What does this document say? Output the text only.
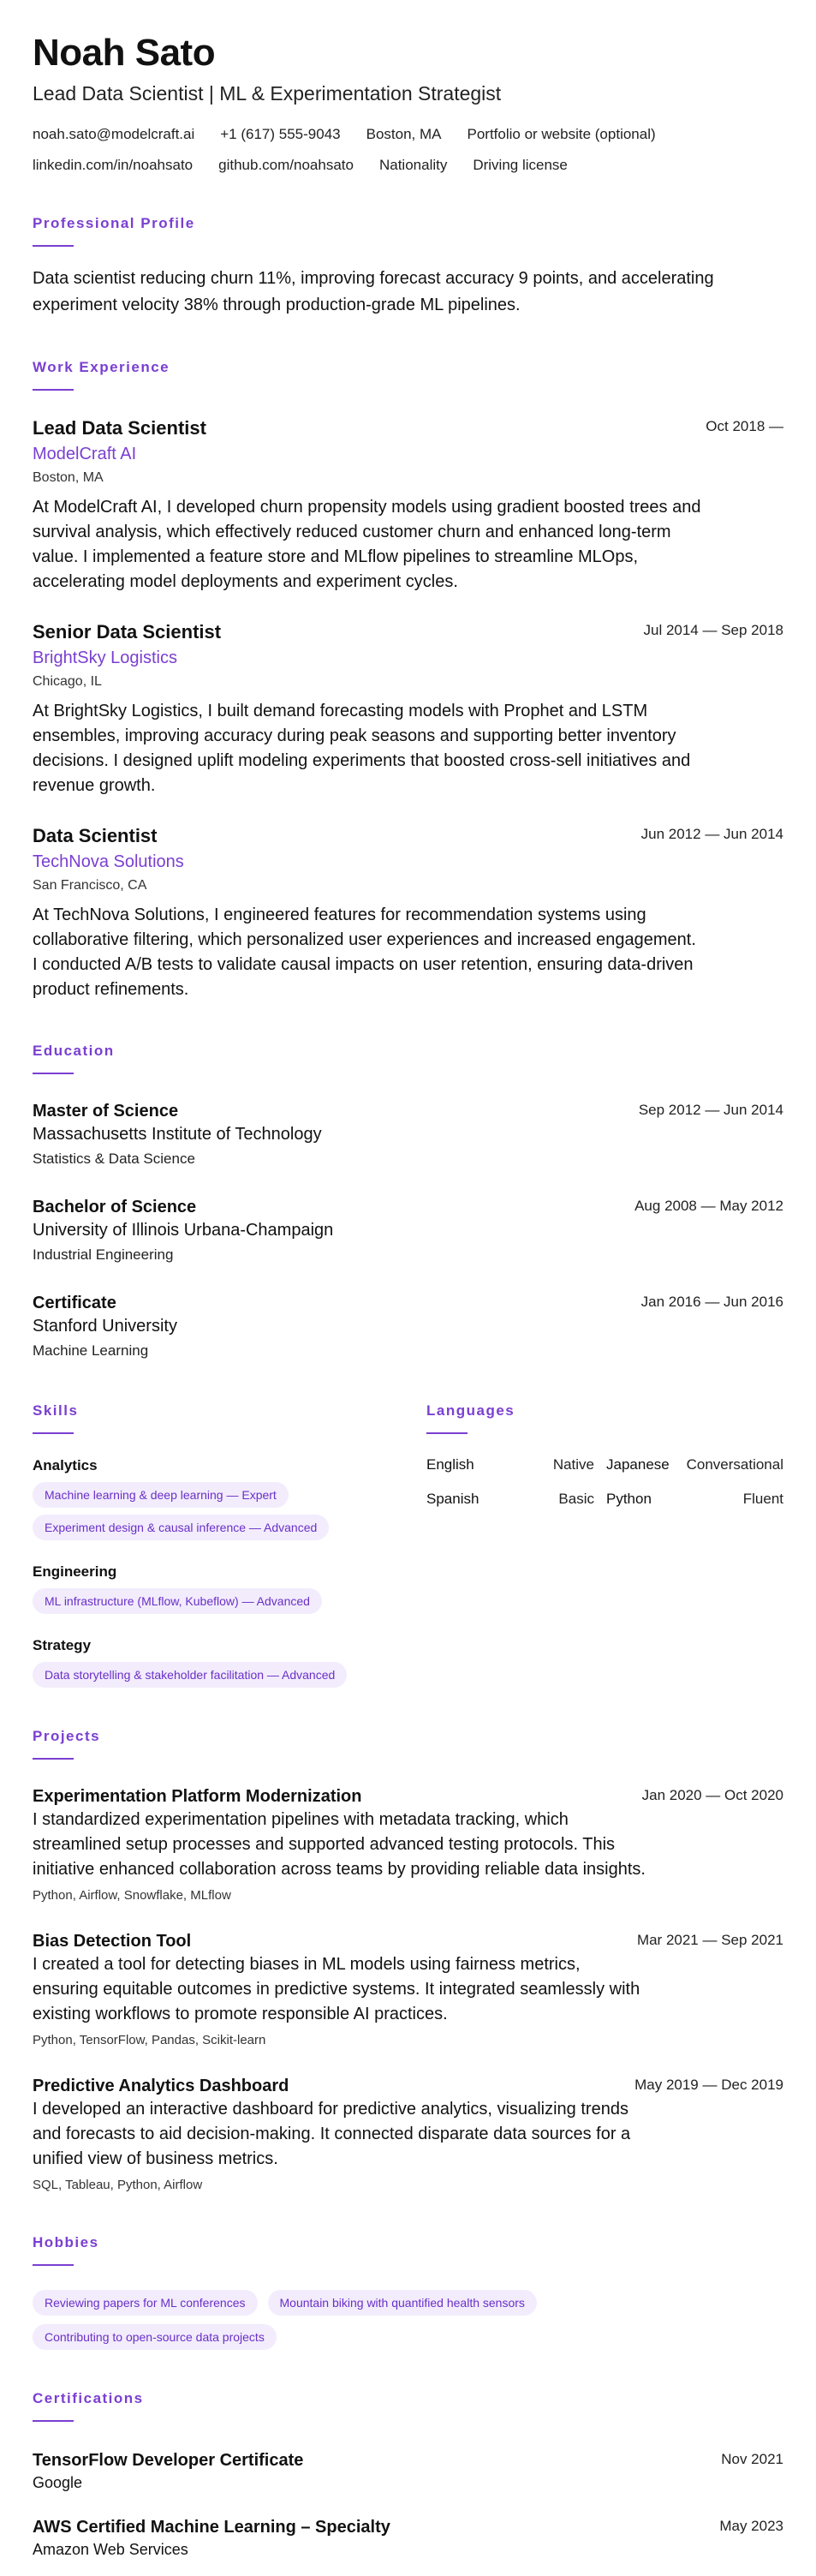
Noah Sato
Lead Data Scientist | ML & Experimentation Strategist
noah.sato@modelcraft.ai +1 (617) 555-9043 Boston, MA Portfolio or website (optional)
linkedin.com/in/noahsato github.com/noahsato Nationality Driving license
Professional Profile
Data scientist reducing churn 11%, improving forecast accuracy 9 points, and accelerating experiment velocity 38% through production-grade ML pipelines.
Work Experience
Oct 2018 —
Lead Data Scientist
ModelCraft AI
Boston, MA
At ModelCraft AI, I developed churn propensity models using gradient boosted trees and survival analysis, which effectively reduced customer churn and enhanced long-term value. I implemented a feature store and MLflow pipelines to streamline MLOps, accelerating model deployments and experiment cycles.
Jul 2014 — Sep 2018
Senior Data Scientist
BrightSky Logistics
Chicago, IL
At BrightSky Logistics, I built demand forecasting models with Prophet and LSTM ensembles, improving accuracy during peak seasons and supporting better inventory decisions. I designed uplift modeling experiments that boosted cross-sell initiatives and revenue growth.
Jun 2012 — Jun 2014
Data Scientist
TechNova Solutions
San Francisco, CA
At TechNova Solutions, I engineered features for recommendation systems using collaborative filtering, which personalized user experiences and increased engagement. I conducted A/B tests to validate causal impacts on user retention, ensuring data-driven product refinements.
Education
Sep 2012 — Jun 2014
Master of Science
Massachusetts Institute of Technology
Statistics & Data Science
Aug 2008 — May 2012
Bachelor of Science
University of Illinois Urbana-Champaign
Industrial Engineering
Jan 2016 — Jun 2016
Certificate
Stanford University
Machine Learning
Skills
Analytics
Machine learning & deep learning — Expert
Experiment design & causal inference — Advanced
Engineering
ML infrastructure (MLflow, Kubeflow) — Advanced
Strategy
Data storytelling & stakeholder facilitation — Advanced
Languages
English	Native Japanese	Conversational
Spanish	Basic Python	Fluent
Projects
Jan 2020 — Oct 2020
Experimentation Platform Modernization
I standardized experimentation pipelines with metadata tracking, which streamlined setup processes and supported advanced testing protocols. This initiative enhanced collaboration across teams by providing reliable data insights.
Python, Airflow, Snowflake, MLflow
Mar 2021 — Sep 2021
Bias Detection Tool
I created a tool for detecting biases in ML models using fairness metrics, ensuring equitable outcomes in predictive systems. It integrated seamlessly with existing workflows to promote responsible AI practices.
Python, TensorFlow, Pandas, Scikit-learn
May 2019 — Dec 2019
Predictive Analytics Dashboard
I developed an interactive dashboard for predictive analytics, visualizing trends and forecasts to aid decision-making. It connected disparate data sources for a unified view of business metrics.
SQL, Tableau, Python, Airflow
Hobbies
Reviewing papers for ML conferences	Mountain biking with quantified health sensors
Contributing to open-source data projects
Certifications
Nov 2021
TensorFlow Developer Certificate
Google
May 2023
AWS Certified Machine Learning – Specialty
Amazon Web Services
